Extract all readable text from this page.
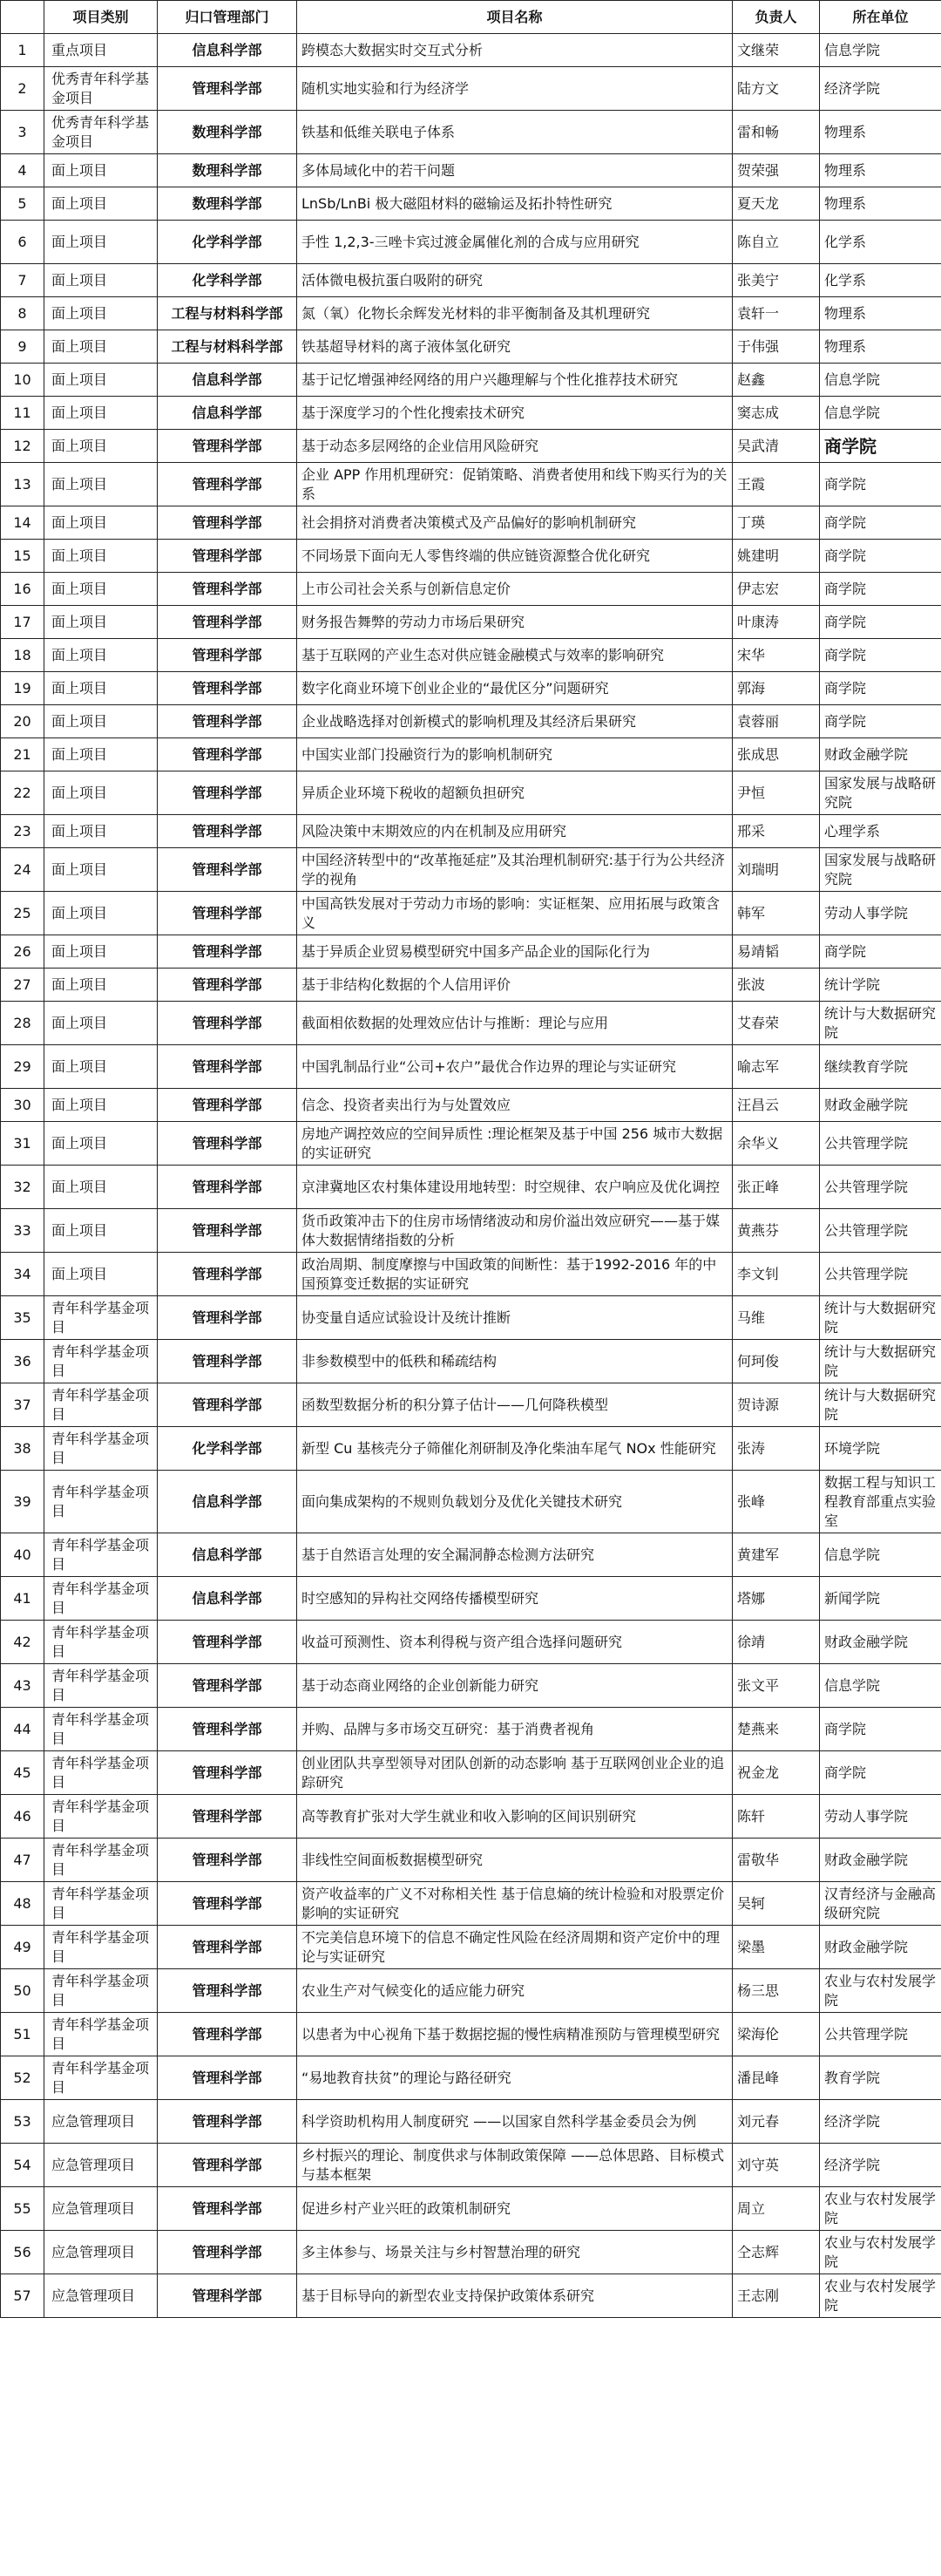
	项目类别	归口管理部门	项目名称	负责人	所在单位
1	重点项目	信息科学部	跨模态大数据实时交互式分析	文继荣	信息学院
2	优秀青年科学基金项目	管理科学部	随机实地实验和行为经济学	陆方文	经济学院
3	优秀青年科学基金项目	数理科学部	铁基和低维关联电子体系	雷和畅	物理系
4	面上项目	数理科学部	多体局域化中的若干问题	贺荣强	物理系
5	面上项目	数理科学部	LnSb/LnBi 极大磁阻材料的磁输运及拓扑特性研究	夏天龙	物理系
6	面上项目	化学科学部	手性 1,2,3-三唑卡宾过渡金属催化剂的合成与应用研究	陈自立	化学系
7	面上项目	化学科学部	活体微电极抗蛋白吸附的研究	张美宁	化学系
8	面上项目	工程与材料科学部	氮（氧）化物长余辉发光材料的非平衡制备及其机理研究	袁轩一	物理系
9	面上项目	工程与材料科学部	铁基超导材料的离子液体氢化研究	于伟强	物理系
10	面上项目	信息科学部	基于记忆增强神经网络的用户兴趣理解与个性化推荐技术研究	赵鑫	信息学院
11	面上项目	信息科学部	基于深度学习的个性化搜索技术研究	窦志成	信息学院
12	面上项目	管理科学部	基于动态多层网络的企业信用风险研究	吴武清	商学院
13	面上项目	管理科学部	企业 APP 作用机理研究：促销策略、消费者使用和线下购买行为的关系	王霞	商学院
14	面上项目	管理科学部	社会捐挤对消费者决策模式及产品偏好的影响机制研究	丁瑛	商学院
15	面上项目	管理科学部	不同场景下面向无人零售终端的供应链资源整合优化研究	姚建明	商学院
16	面上项目	管理科学部	上市公司社会关系与创新信息定价	伊志宏	商学院
17	面上项目	管理科学部	财务报告舞弊的劳动力市场后果研究	叶康涛	商学院
18	面上项目	管理科学部	基于互联网的产业生态对供应链金融模式与效率的影响研究	宋华	商学院
19	面上项目	管理科学部	数字化商业环境下创业企业的“最优区分”问题研究	郭海	商学院
20	面上项目	管理科学部	企业战略选择对创新模式的影响机理及其经济后果研究	袁蓉丽	商学院
21	面上项目	管理科学部	中国实业部门投融资行为的影响机制研究	张成思	财政金融学院
22	面上项目	管理科学部	异质企业环境下税收的超额负担研究	尹恒	国家发展与战略研究院
23	面上项目	管理科学部	风险决策中末期效应的内在机制及应用研究	邢采	心理学系
24	面上项目	管理科学部	中国经济转型中的“改革拖延症”及其治理机制研究:基于行为公共经济学的视角	刘瑞明	国家发展与战略研究院
25	面上项目	管理科学部	中国高铁发展对于劳动力市场的影响：实证框架、应用拓展与政策含义	韩军	劳动人事学院
26	面上项目	管理科学部	基于异质企业贸易模型研究中国多产品企业的国际化行为	易靖韬	商学院
27	面上项目	管理科学部	基于非结构化数据的个人信用评价	张波	统计学院
28	面上项目	管理科学部	截面相依数据的处理效应估计与推断：理论与应用	艾春荣	统计与大数据研究院
29	面上项目	管理科学部	中国乳制品行业“公司+农户”最优合作边界的理论与实证研究	喻志军	继续教育学院
30	面上项目	管理科学部	信念、投资者卖出行为与处置效应	汪昌云	财政金融学院
31	面上项目	管理科学部	房地产调控效应的空间异质性 :理论框架及基于中国 256 城市大数据的实证研究	余华义	公共管理学院
32	面上项目	管理科学部	京津冀地区农村集体建设用地转型：时空规律、农户响应及优化调控	张正峰	公共管理学院
33	面上项目	管理科学部	货币政策冲击下的住房市场情绪波动和房价溢出效应研究——基于媒体大数据情绪指数的分析	黄燕芬	公共管理学院
34	面上项目	管理科学部	政治周期、制度摩擦与中国政策的间断性：基于1992-2016 年的中国预算变迁数据的实证研究	李文钊	公共管理学院
35	青年科学基金项目	管理科学部	协变量自适应试验设计及统计推断	马维	统计与大数据研究院
36	青年科学基金项目	管理科学部	非参数模型中的低秩和稀疏结构	何珂俊	统计与大数据研究院
37	青年科学基金项目	管理科学部	函数型数据分析的积分算子估计——几何降秩模型	贺诗源	统计与大数据研究院
38	青年科学基金项目	化学科学部	新型 Cu 基核壳分子筛催化剂研制及净化柴油车尾气 NOx 性能研究	张涛	环境学院
39	青年科学基金项目	信息科学部	面向集成架构的不规则负载划分及优化关键技术研究	张峰	数据工程与知识工程教育部重点实验室
40	青年科学基金项目	信息科学部	基于自然语言处理的安全漏洞静态检测方法研究	黄建军	信息学院
41	青年科学基金项目	信息科学部	时空感知的异构社交网络传播模型研究	塔娜	新闻学院
42	青年科学基金项目	管理科学部	收益可预测性、资本利得税与资产组合选择问题研究	徐靖	财政金融学院
43	青年科学基金项目	管理科学部	基于动态商业网络的企业创新能力研究	张文平	信息学院
44	青年科学基金项目	管理科学部	并购、品牌与多市场交互研究：基于消费者视角	楚燕来	商学院
45	青年科学基金项目	管理科学部	创业团队共享型领导对团队创新的动态影响 基于互联网创业企业的追踪研究	祝金龙	商学院
46	青年科学基金项目	管理科学部	高等教育扩张对大学生就业和收入影响的区间识别研究	陈轩	劳动人事学院
47	青年科学基金项目	管理科学部	非线性空间面板数据模型研究	雷敬华	财政金融学院
48	青年科学基金项目	管理科学部	资产收益率的广义不对称相关性 基于信息熵的统计检验和对股票定价影响的实证研究	吴轲	汉青经济与金融高级研究院
49	青年科学基金项目	管理科学部	不完美信息环境下的信息不确定性风险在经济周期和资产定价中的理论与实证研究	梁墨	财政金融学院
50	青年科学基金项目	管理科学部	农业生产对气候变化的适应能力研究	杨三思	农业与农村发展学院
51	青年科学基金项目	管理科学部	以患者为中心视角下基于数据挖掘的慢性病精准预防与管理模型研究	梁海伦	公共管理学院
52	青年科学基金项目	管理科学部	“易地教育扶贫”的理论与路径研究	潘昆峰	教育学院
53	应急管理项目	管理科学部	科学资助机构用人制度研究 ——以国家自然科学基金委员会为例	刘元春	经济学院
54	应急管理项目	管理科学部	乡村振兴的理论、制度供求与体制政策保障 ——总体思路、目标模式与基本框架	刘守英	经济学院
55	应急管理项目	管理科学部	促进乡村产业兴旺的政策机制研究	周立	农业与农村发展学院
56	应急管理项目	管理科学部	多主体参与、场景关注与乡村智慧治理的研究	仝志辉	农业与农村发展学院
57	应急管理项目	管理科学部	基于目标导向的新型农业支持保护政策体系研究	王志刚	农业与农村发展学院
